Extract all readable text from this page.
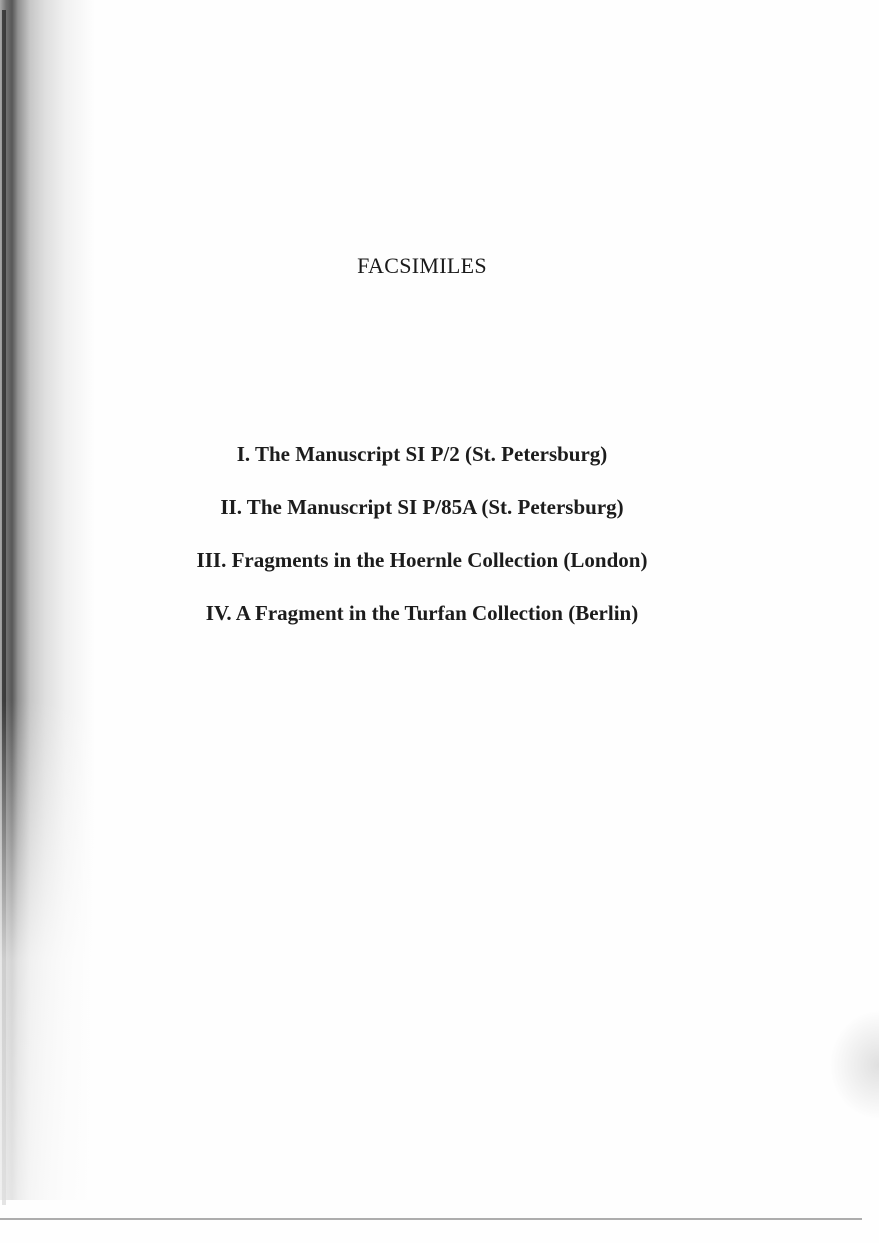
FACSIMILES
I. The Manuscript SI P/2 (St. Petersburg)
II. The Manuscript SI P/85A (St. Petersburg)
III. Fragments in the Hoernle Collection (London)
IV. A Fragment in the Turfan Collection (Berlin)
